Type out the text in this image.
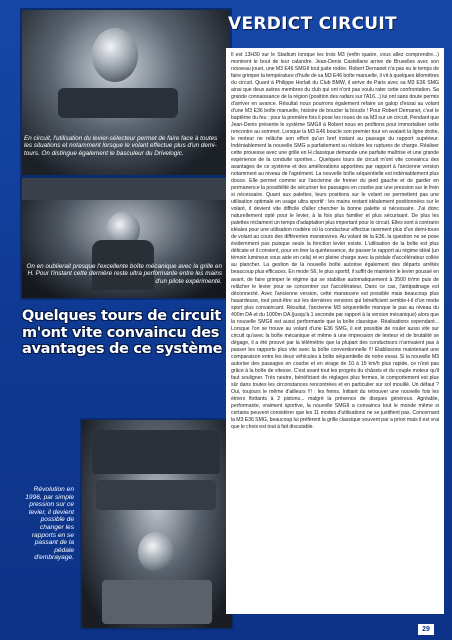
En circuit, l'utilisation du levier-sélecteur permet de faire face à toutes les situations et notamment lorsque le volant effectue plus d'un demi-tours. On distingue également le basculeur du Drivelogic.
On en oublierait presque l'excellente boîte mécanique avec la grille en H. Pour l'instant cette dernière reste ultra performante entre les mains d'un pilote expérimenté.
Quelques tours de circuit m'ont vite convaincu des avantages de ce système
Révolution en 1996, par simple pression sur ce levier, il devient possible de changer les rapports en se passant de la pédale d'embrayage.
VERDICT CIRCUIT
Il est 13H30 sur le Stadium lorsque les trois M3 (enfin quatre, vous allez comprendre...) montrent le bout de leur calandre. Jean-Denis Castellane arrive de Bruxelles avec son nouveau jouet, une M3 E46 SMGII tout juste rodée. Robert Dernanet n'a pas eu le temps de faire grimper la température d'huile de sa M3 E46 boîte manuelle, il vit à quelques kilomètres du circuit. Quant à Philippe Horlait du Club BMW, il arrive de Paris avec sa M3 E36 SMG ainsi que deux autres membres du club qui ont n'ont pas voulu rater cette confrontation. Sa grande connaissance de la région (position des radars sur l'A16...) lui ont sans doute permis d'arriver en avance. Résultat nous pourrons également refaire un galop d'essai au volant d'une M3 E36 boîte manuelle, histoire de boucler la boucle ! Pour Robert Dernanet, c'est le baptême du feu : pour la première fois il pose les roues de sa M3 sur un circuit. Pendant que Jean-Denis présente le système SMGII à Robert nous en profitons pour immortaliser cette rencontre au sommet. Lorsque la M3 E46 boucle son premier tour en avalant la ligne droite, le moteur ne relâche son effort qu'un bref instant au passage du rapport supérieur. Indéniablement la nouvelle SMG a parfaitement su réduire les ruptures de charge. Réaliser cette prouesse avec une grille en H classique demande une parfaite maîtrise et une grande expérience de la conduite sportive... Quelques tours de circuit m'ont vite convaincu des avantages de ce système et des améliorations apportées par rapport à l'ancienne version notamment au niveau de l'agrément. La nouvelle boîte séquentielle est indéniablement plus douce. Elle permet comme sur l'ancienne de freiner du pied gauche et de garder en permanence la possibilité de sécuriser les passages en courbe par une pression sur le frein si nécessaire. Quant aux palettes, leurs positions sur le volant ne permettent pas une utilisation optimale en usage ultra sportif : les mains restant idéalement positionnées sur le volant, il devient vite difficile d'aller chercher la bonne palette si nécessaire. J'ai donc naturellement opté pour le levier, à la fois plus familier et plus sécurisant. De plus les palettes réclament un temps d'adaptation plus important pour le circuit. Elles sont à contrario idéales pour une utilisation routière où la conducteur effectue rarement plus d'un demi-tours de volant au cours des différentes manœuvres. Au volant de la E36, la question ne se pose évidemment pas puisque seule la fonction levier existe. L'utilisation de la boîte est plus délicate et il convient, pour en tirer la quintessence, de passer le rapport au régime idéal (un témoin lumineux vous aide en cela) et en pleine charge avec la pédale d'accélérateur collée au plancher. La gestion de la nouvelle boîte autorise également des départs arrêtés beaucoup plus efficaces. En mode S6, le plus sportif, il suffit de maintenir le levier poussé en avant, de faire grimper le régime qui se stabilise automatiquement à 3500 tr/mn puis de relâcher le levier pour se concentrer sur l'accélérateur. Dans ce cas, l'antipatinage est déconnecté. Avec l'ancienne version, cette manœuvre est possible mais beaucoup plus hasardeuse, tout peut-être sur les dernières versions qui bénéficient semble-t-il d'un mode sport plus convaincant. Résultat, l'ancienne M3 séquentielle manque le pas au niveau du 400m DA et du 1000m DA (jusqu'à 1 seconde par rapport à la version mécanique) alors que la nouvelle SMGII est aussi performante que la boîte classique. Réalisations cependant... Lorsque l'on se trouve au volant d'une E36 SMG, il est possible de rouler aussi vite sur circuit qu'avec la boîte mécanique et même à une impression de lenteur et de brutalité se dégage, il a été prouvé par la télémétrie que la plupart des conducteurs n'arrivaient pas à passer les rapports plus vite avec la boîte conventionnelle !!! Établissons maintenant une comparaison entre les deux véhicules à boîte séquentielle de notre essai. Si la nouvelle M3 autorise des passages en courbe et en virage de 10 à 15 km/h plus rapide, ce n'est pas grâce à la boîte de vitesse. C'est avant tout les progrès du châssis et du couple moteur qu'il faut souligner. Très neutre, bénéficiant de réglages plus fermes, le comportement est plus sûr dans toutes les circonstances rencontrées et en particulier sur sol mouillé. Un défaut ? Oui, toujours le même d'ailleurs !!! : les freins. Initiant du retrouver une nouvelle fois les étriers flottants à 2 pistons... malgré la présence de disques généreux. Agréable, performante, vraiment sportive, la nouvelle SMGII a convaincu tout le monde même si certains peuvent considérer que les 11 modes d'utilisations ne se justifient pas. Concernant la M3 E36 SMG, beaucoup lui préfèrent la grille classique souvent par a priori mais il est vrai que le choix est tout à fait discutable.
29
